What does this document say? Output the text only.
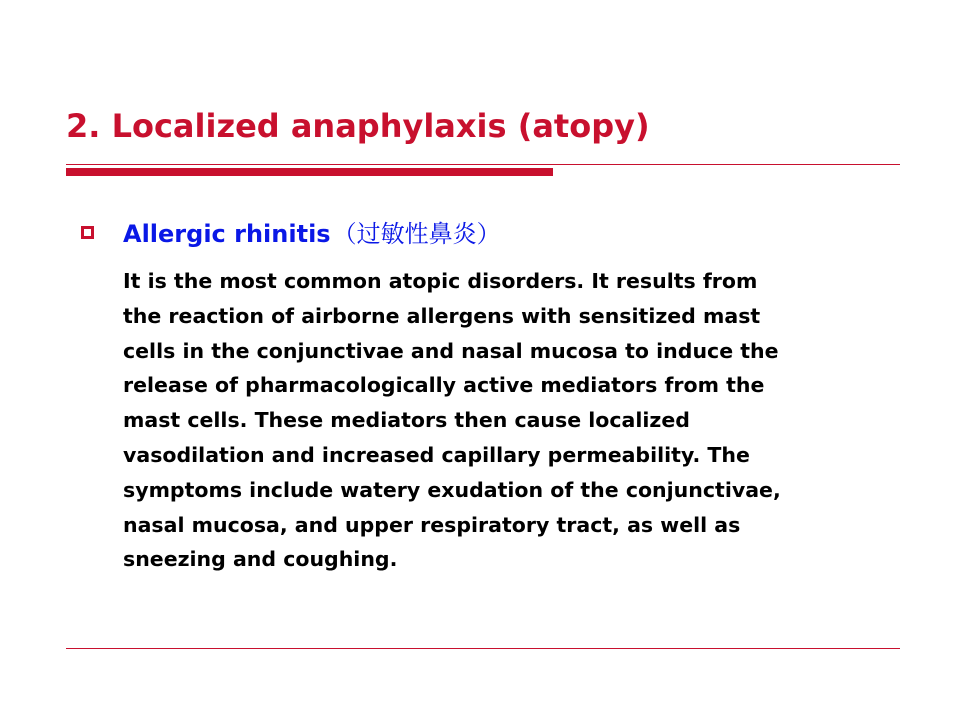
2. Localized anaphylaxis (atopy)
Allergic rhinitis（过敏性鼻炎）
It is the most common atopic disorders. It results from
the reaction of airborne allergens with sensitized mast
cells in the conjunctivae and nasal mucosa to induce the
release of pharmacologically active mediators from the
mast cells. These mediators then cause localized
vasodilation and increased capillary permeability. The
symptoms include watery exudation of the conjunctivae,
nasal mucosa, and upper respiratory tract, as well as
sneezing and coughing.
